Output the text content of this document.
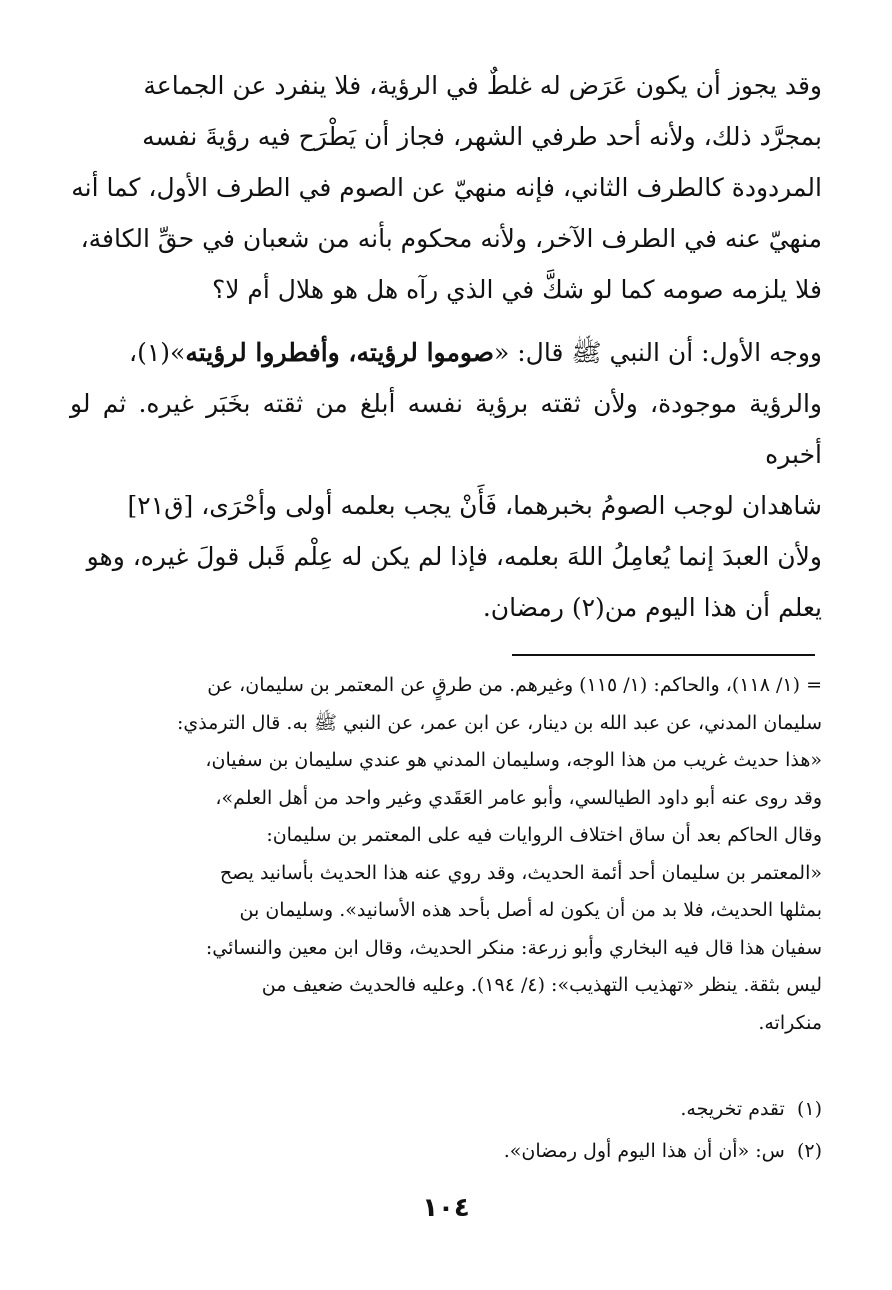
وقد يجوز أن يكون عَرَض له غلطٌ في الرؤية، فلا ينفرد عن الجماعة
بمجرَّد ذلك، ولأنه أحد طرفي الشهر، فجاز أن يَطْرَح فيه رؤيةَ نفسه
المردودة كالطرف الثاني، فإنه منهيّ عن الصوم في الطرف الأول، كما أنه
منهيّ عنه في الطرف الآخر، ولأنه محكوم بأنه من شعبان في حقِّ الكافة،
فلا يلزمه صومه كما لو شكَّ في الذي رآه هل هو هلال أم لا؟

ووجه الأول: أن النبي ﷺ قال: «صوموا لرؤيته، وأفطروا لرؤيته»(١)،
والرؤية موجودة، ولأن ثقته برؤية نفسه أبلغ من ثقته بخَبَر غيره. ثم لو أخبره
شاهدان لوجب الصومُ بخبرهما، فَأَنْ يجب بعلمه أولى وأحْرَى، [ق٢١]
ولأن العبدَ إنما يُعامِلُ اللهَ بعلمه، فإذا لم يكن له عِلْم قَبل قولَ غيره، وهو
يعلم أن هذا اليوم من(٢) رمضان.

= (١/ ١١٨)، والحاكم: (١/ ١١٥) وغيرهم. من طرقٍ عن المعتمر بن سليمان، عن
سليمان المدني، عن عبد الله بن دينار، عن ابن عمر، عن النبي ﷺ به. قال الترمذي:
«هذا حديث غريب من هذا الوجه، وسليمان المدني هو عندي سليمان بن سفيان،
وقد روى عنه أبو داود الطيالسي، وأبو عامر العَقَدي وغير واحد من أهل العلم»،
وقال الحاكم بعد أن ساق اختلاف الروايات فيه على المعتمر بن سليمان:
«المعتمر بن سليمان أحد أئمة الحديث، وقد روي عنه هذا الحديث بأسانيد يصح
بمثلها الحديث، فلا بد من أن يكون له أصل بأحد هذه الأسانيد». وسليمان بن
سفيان هذا قال فيه البخاري وأبو زرعة: منكر الحديث، وقال ابن معين والنسائي:
ليس بثقة. ينظر «تهذيب التهذيب»: (٤/ ١٩٤). وعليه فالحديث ضعيف من
منكراته.

(١)  تقدم تخريجه.
(٢)  س: «أن أن هذا اليوم أول رمضان».
١٠٤
